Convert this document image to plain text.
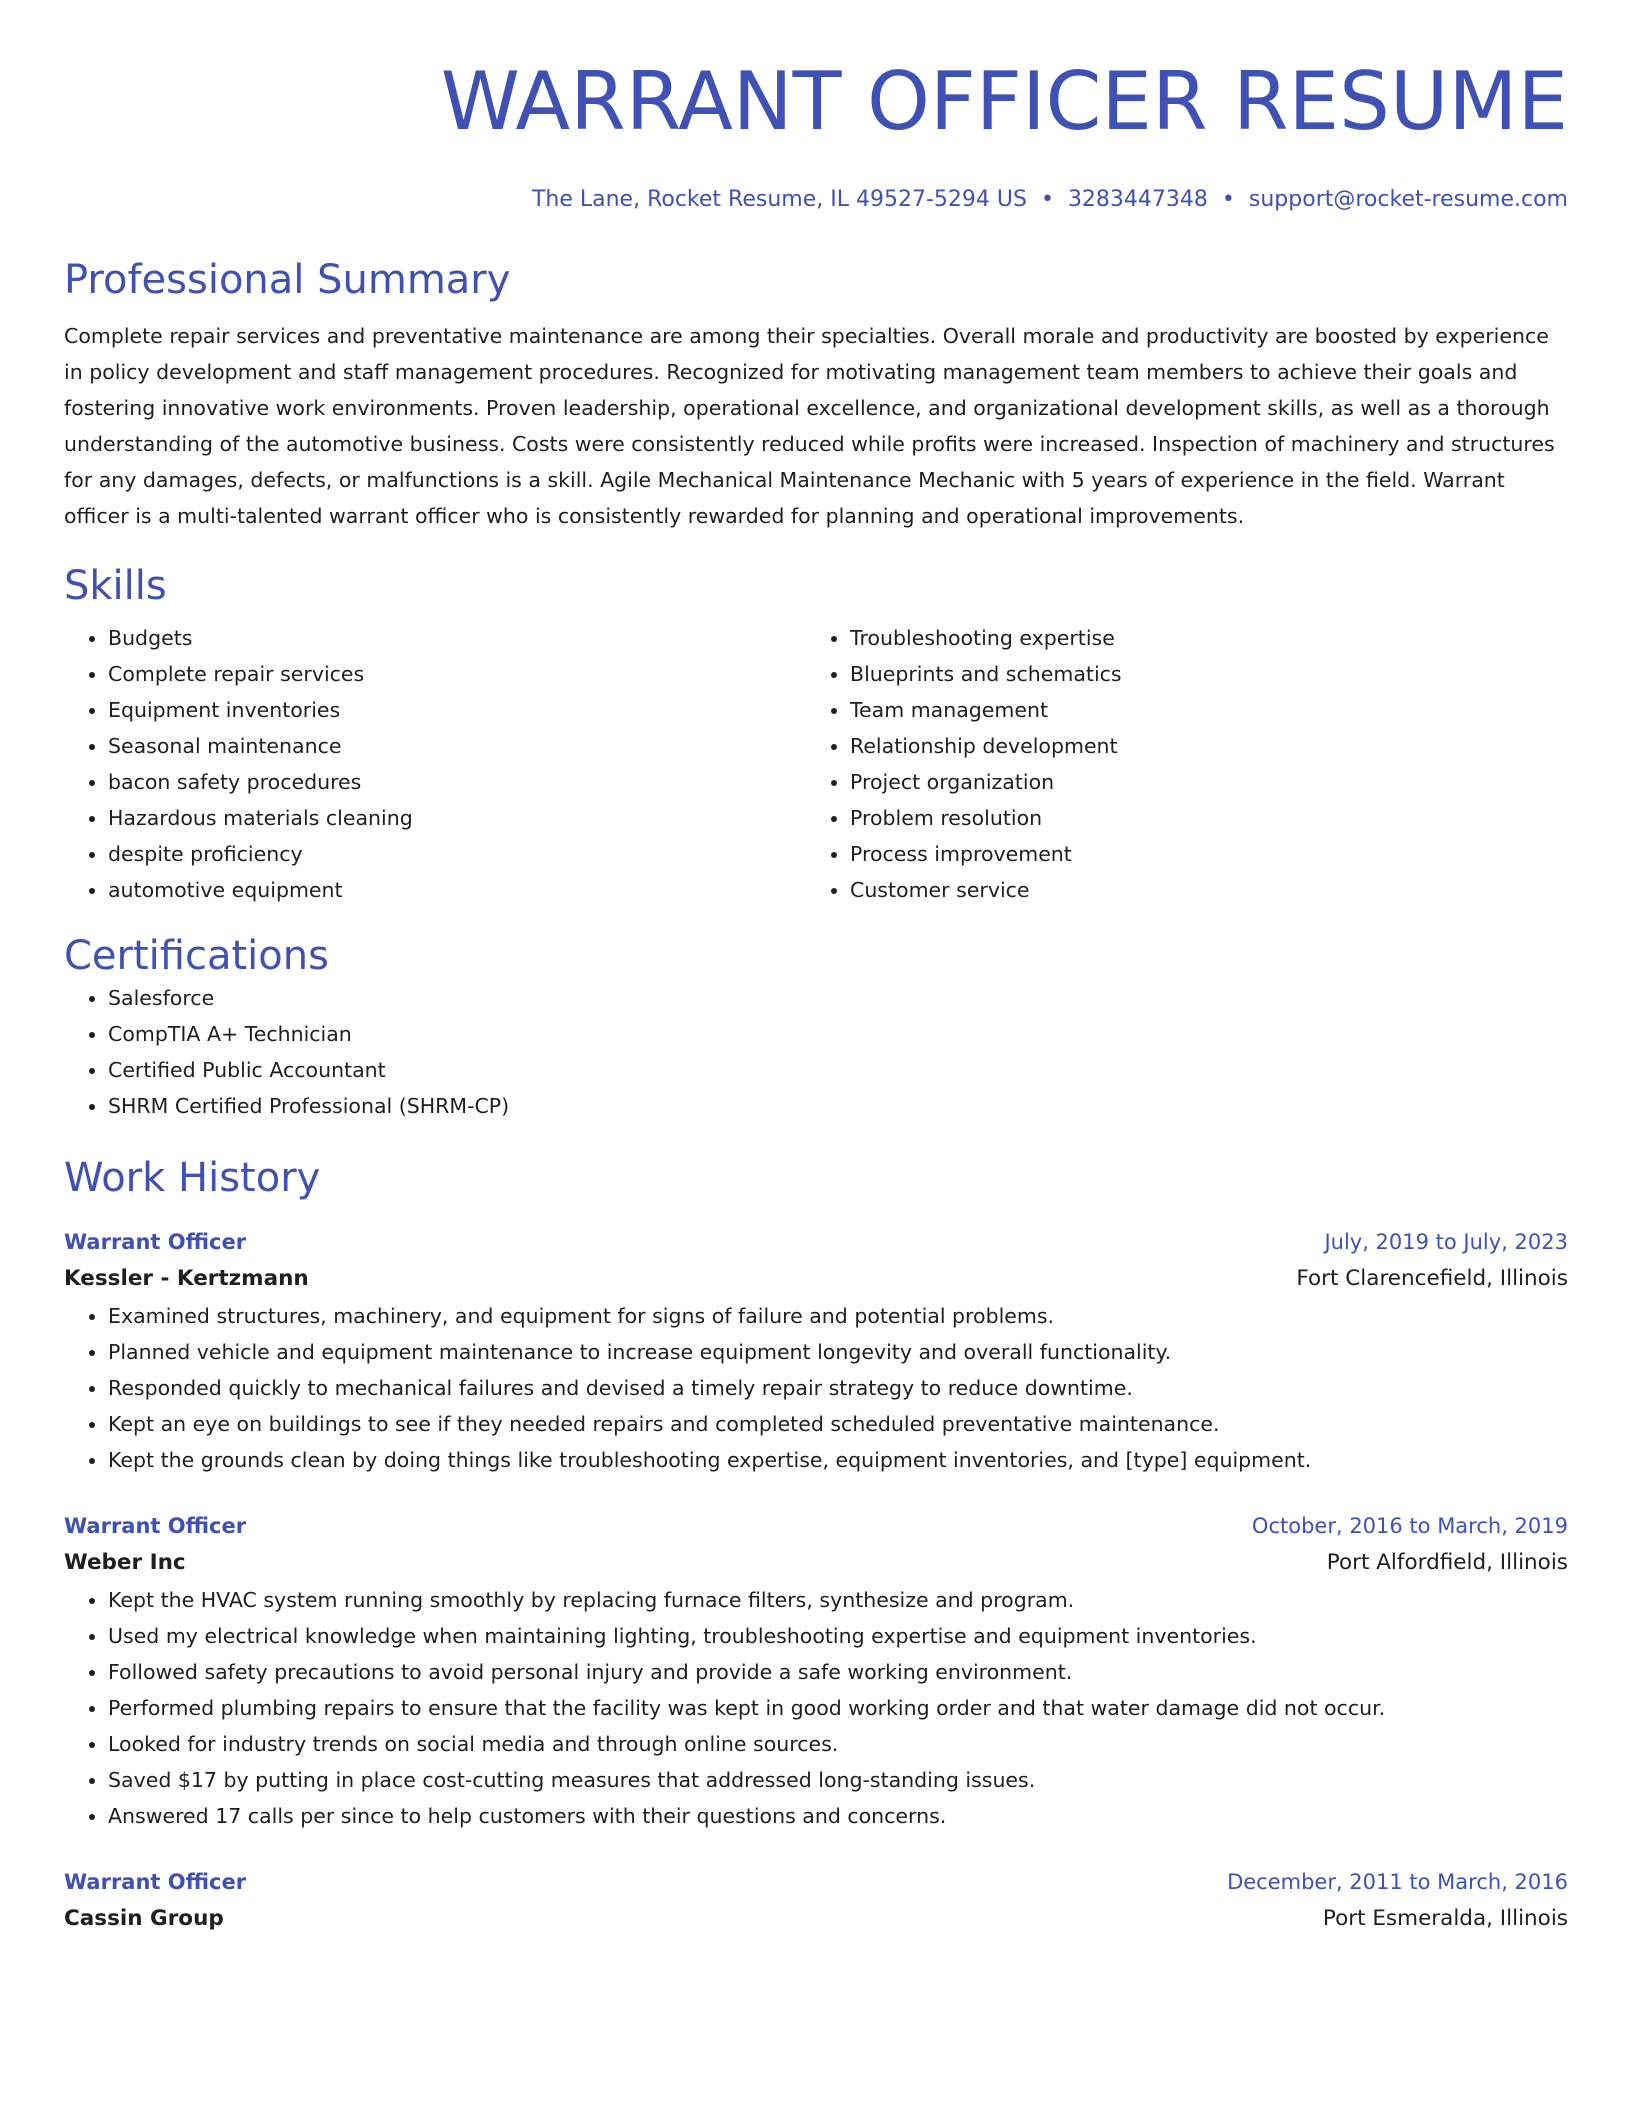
WARRANT OFFICER RESUME
The Lane, Rocket Resume, IL 49527-5294 US • 3283447348 • support@rocket-resume.com
Professional Summary

Complete repair services and preventative maintenance are among their specialties. Overall morale and productivity are boosted by experience in policy development and staff management procedures. Recognized for motivating management team members to achieve their goals and fostering innovative work environments. Proven leadership, operational excellence, and organizational development skills, as well as a thorough understanding of the automotive business. Costs were consistently reduced while profits were increased. Inspection of machinery and structures for any damages, defects, or malfunctions is a skill. Agile Mechanical Maintenance Mechanic with 5 years of experience in the field. Warrant officer is a multi-talented warrant officer who is consistently rewarded for planning and operational improvements.

Skills
• Budgets
• Complete repair services
• Equipment inventories
• Seasonal maintenance
• bacon safety procedures
• Hazardous materials cleaning
• despite proficiency
• automotive equipment
• Troubleshooting expertise
• Blueprints and schematics
• Team management
• Relationship development
• Project organization
• Problem resolution
• Process improvement
• Customer service
Certifications
• Salesforce
• CompTIA A+ Technician
• Certified Public Accountant
• SHRM Certified Professional (SHRM-CP)
Work History
Warrant Officer	July, 2019 to July, 2023
Kessler - Kertzmann	Fort Clarencefield, Illinois
• Examined structures, machinery, and equipment for signs of failure and potential problems.
• Planned vehicle and equipment maintenance to increase equipment longevity and overall functionality.
• Responded quickly to mechanical failures and devised a timely repair strategy to reduce downtime.
• Kept an eye on buildings to see if they needed repairs and completed scheduled preventative maintenance.
• Kept the grounds clean by doing things like troubleshooting expertise, equipment inventories, and [type] equipment.
Warrant Officer	October, 2016 to March, 2019
Weber Inc	Port Alfordfield, Illinois
• Kept the HVAC system running smoothly by replacing furnace filters, synthesize and program.
• Used my electrical knowledge when maintaining lighting, troubleshooting expertise and equipment inventories.
• Followed safety precautions to avoid personal injury and provide a safe working environment.
• Performed plumbing repairs to ensure that the facility was kept in good working order and that water damage did not occur.
• Looked for industry trends on social media and through online sources.
• Saved $17 by putting in place cost-cutting measures that addressed long-standing issues.
• Answered 17 calls per since to help customers with their questions and concerns.
Warrant Officer	December, 2011 to March, 2016
Cassin Group	Port Esmeralda, Illinois
